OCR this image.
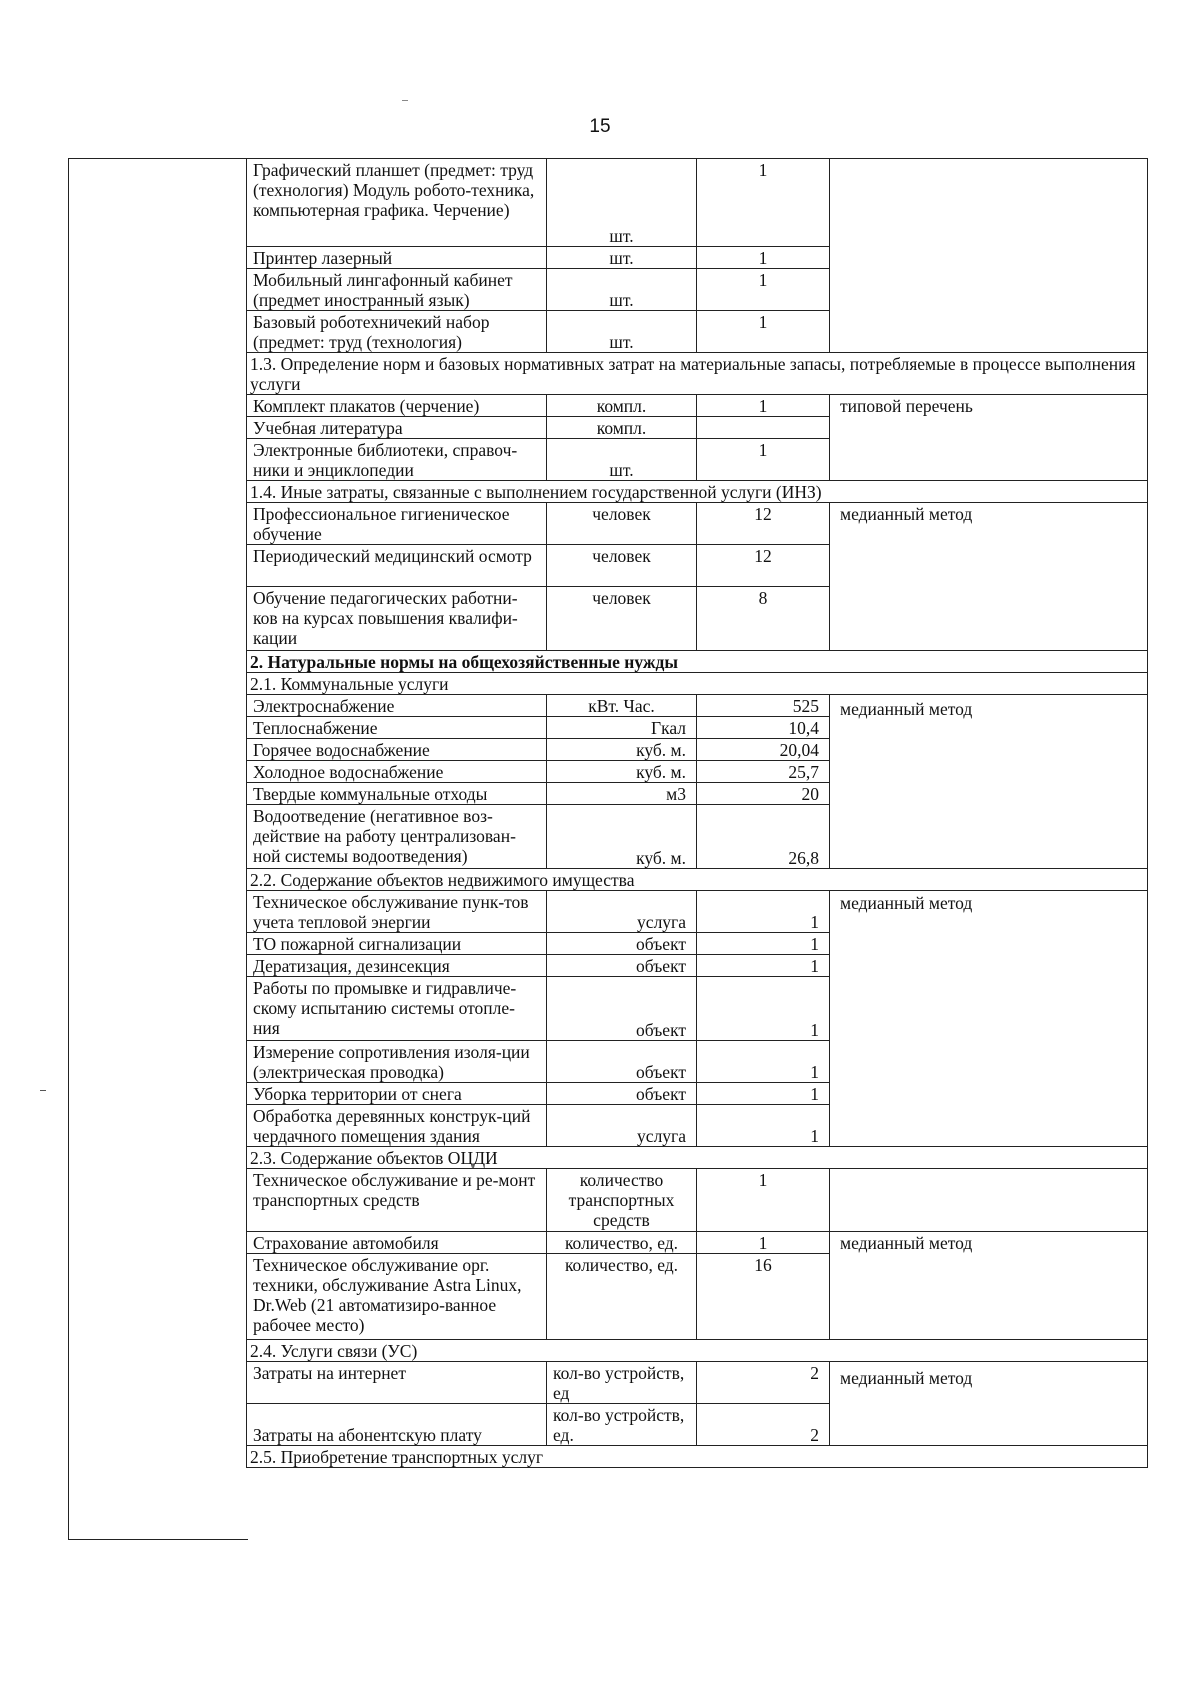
15
Графический планшет (предмет: труд (технология) Модуль робото-техника, компьютерная графика. Черчение)	шт.	1	
Принтер лазерный	шт.	1	
Мобильный лингафонный кабинет (предмет иностранный язык)	шт.	1	
Базовый роботехничекий набор (предмет: труд (технология)	шт.	1	
1.3. Определение норм и базовых нормативных затрат на материальные запасы, потребляемые в процессе выполнения услуги			
Комплект плакатов (черчение)	компл.	1	типовой перечень
Учебная литература	компл.		
Электронные библиотеки, справоч-ники и энциклопедии	шт.	1	
1.4. Иные затраты, связанные с выполнением государственной услуги (ИНЗ)			
Профессиональное гигиеническое обучение	человек	12	медианный метод
Периодический медицинский осмотр	человек	12	
Обучение педагогических работни-ков на курсах повышения квалифи-кации	человек	8	
2. Натуральные нормы на общехозяйственные нужды			
2.1. Коммунальные услуги			
Электроснабжение	кВт. Час.	525	медианный метод
Теплоснабжение	Гкал	10,4	
Горячее водоснабжение	куб. м.	20,04	
Холодное водоснабжение	куб. м.	25,7	
Твердые коммунальные отходы	м3	20	
Водоотведение (негативное воз-действие на работу централизован-ной системы водоотведения)	куб. м.	26,8	
2.2. Содержание объектов недвижимого имущества			
Техническое обслуживание пунк-тов учета тепловой энергии	услуга	1	медианный метод
ТО пожарной сигнализации	объект	1	
Дератизация, дезинсекция	объект	1	
Работы по промывке и гидравличе-скому испытанию системы отопле-ния	объект	1	
Измерение сопротивления изоля-ции (электрическая проводка)	объект	1	
Уборка территории от снега	объект	1	
Обработка деревянных конструк-ций чердачного помещения здания	услуга	1	
2.3. Содержание объектов ОЦДИ			
Техническое обслуживание и ре-монт транспортных средств	количество транспортных средств	1	
Страхование автомобиля	количество, ед.	1	медианный метод
Техническое обслуживание орг. техники, обслуживание Astra Linux, Dr.Web (21 автоматизиро-ванное рабочее место)	количество, ед.	16	
2.4. Услуги связи (УС)			
Затраты на интернет	кол-во устройств, ед	2	медианный метод
Затраты на абонентскую плату	кол-во устройств, ед.	2	
2.5. Приобретение транспортных услуг			
